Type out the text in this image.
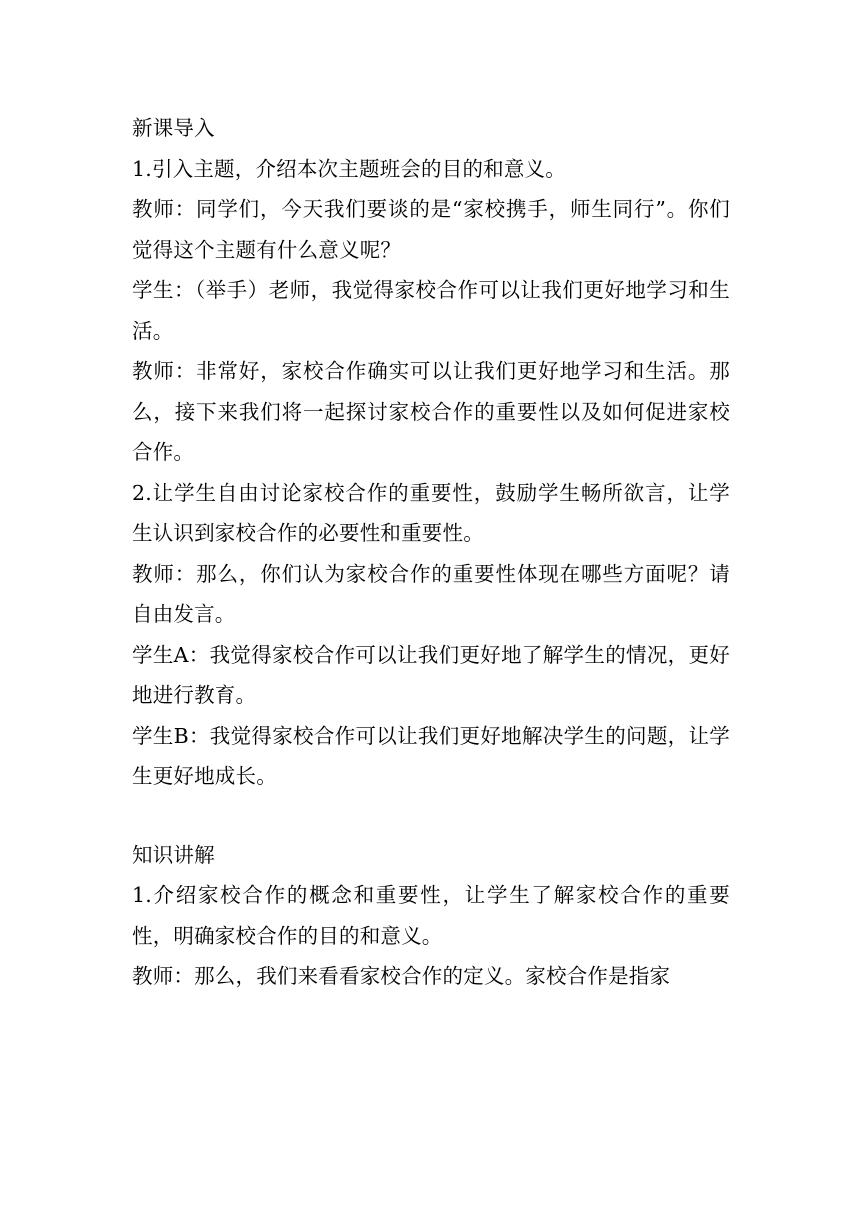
新课导入

1.引入主题，介绍本次主题班会的目的和意义。

教师：同学们，今天我们要谈的是“家校携手，师生同行”。你们觉得这个主题有什么意义呢？

学生：（举手）老师，我觉得家校合作可以让我们更好地学习和生活。

教师：非常好，家校合作确实可以让我们更好地学习和生活。那么，接下来我们将一起探讨家校合作的重要性以及如何促进家校合作。

2.让学生自由讨论家校合作的重要性，鼓励学生畅所欲言，让学生认识到家校合作的必要性和重要性。

教师：那么，你们认为家校合作的重要性体现在哪些方面呢？请自由发言。

学生A：我觉得家校合作可以让我们更好地了解学生的情况，更好地进行教育。

学生B：我觉得家校合作可以让我们更好地解决学生的问题，让学生更好地成长。

知识讲解

1.介绍家校合作的概念和重要性，让学生了解家校合作的重要性，明确家校合作的目的和意义。

教师：那么，我们来看看家校合作的定义。家校合作是指家
